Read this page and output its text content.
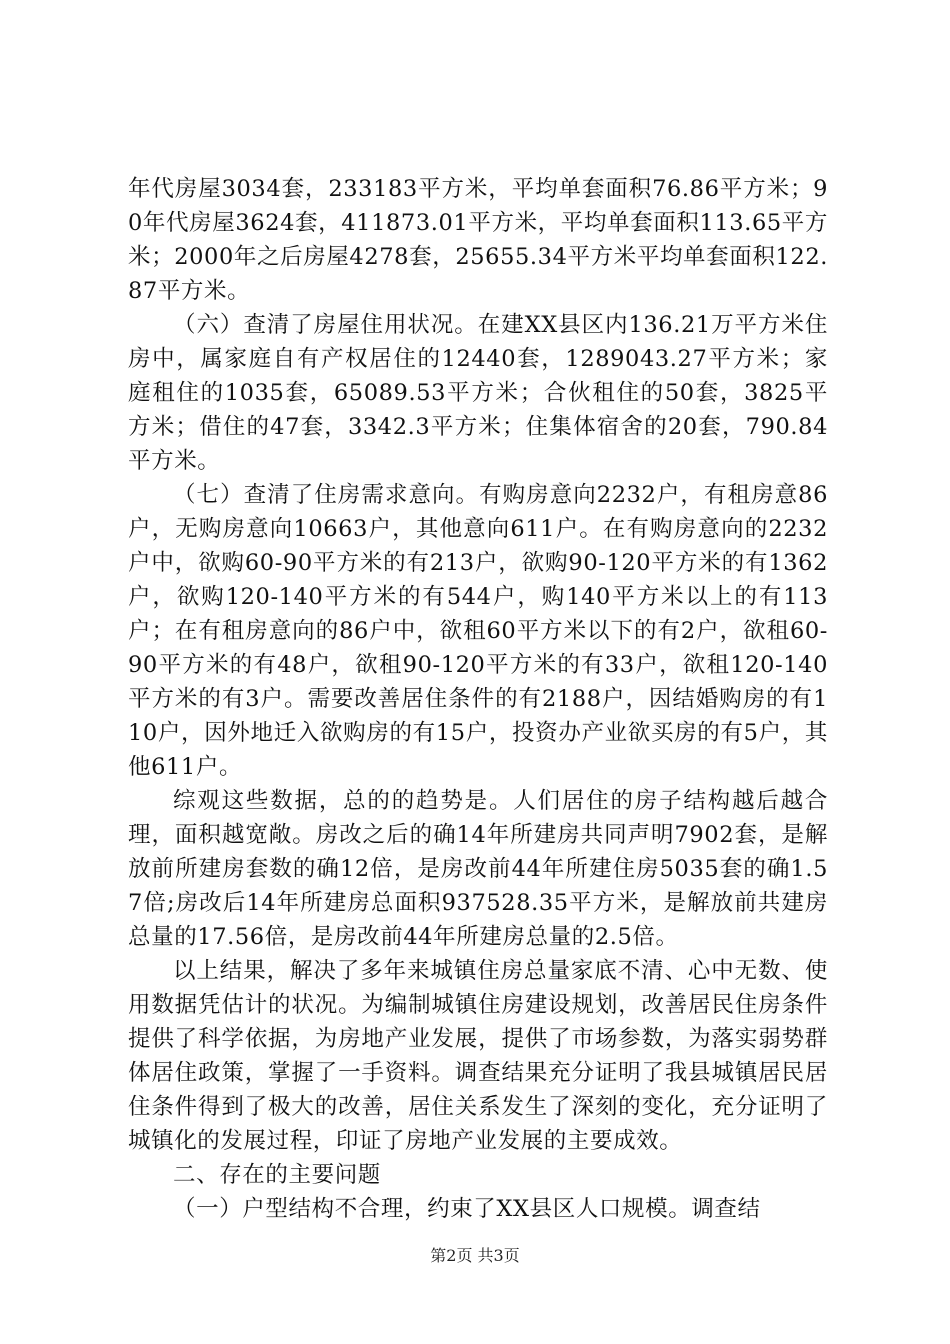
年代房屋3034套，233183平方米，平均单套面积76.86平方米；90年代房屋3624套，411873.01平方米，平均单套面积113.65平方米；2000年之后房屋4278套，25655.34平方米平均单套面积122.87平方米。

（六）查清了房屋住用状况。在建XX县区内136.21万平方米住房中，属家庭自有产权居住的12440套，1289043.27平方米；家庭租住的1035套，65089.53平方米；合伙租住的50套，3825平方米；借住的47套，3342.3平方米；住集体宿舍的20套，790.84平方米。

（七）查清了住房需求意向。有购房意向2232户，有租房意86户，无购房意向10663户，其他意向611户。在有购房意向的2232户中，欲购60-90平方米的有213户，欲购90-120平方米的有1362户，欲购120-140平方米的有544户，购140平方米以上的有113户；在有租房意向的86户中，欲租60平方米以下的有2户，欲租60-90平方米的有48户，欲租90-120平方米的有33户，欲租120-140平方米的有3户。需要改善居住条件的有2188户，因结婚购房的有110户，因外地迁入欲购房的有15户，投资办产业欲买房的有5户，其他611户。

综观这些数据，总的的趋势是。人们居住的房子结构越后越合理，面积越宽敞。房改之后的确14年所建房共同声明7902套，是解放前所建房套数的确12倍，是房改前44年所建住房5035套的确1.57倍;房改后14年所建房总面积937528.35平方米，是解放前共建房总量的17.56倍，是房改前44年所建房总量的2.5倍。

以上结果，解决了多年来城镇住房总量家底不清、心中无数、使用数据凭估计的状况。为编制城镇住房建设规划，改善居民住房条件提供了科学依据，为房地产业发展，提供了市场参数，为落实弱势群体居住政策，掌握了一手资料。调查结果充分证明了我县城镇居民居住条件得到了极大的改善，居住关系发生了深刻的变化，充分证明了城镇化的发展过程，印证了房地产业发展的主要成效。

二、存在的主要问题

（一）户型结构不合理，约束了XX县区人口规模。调查结

第2页 共3页
